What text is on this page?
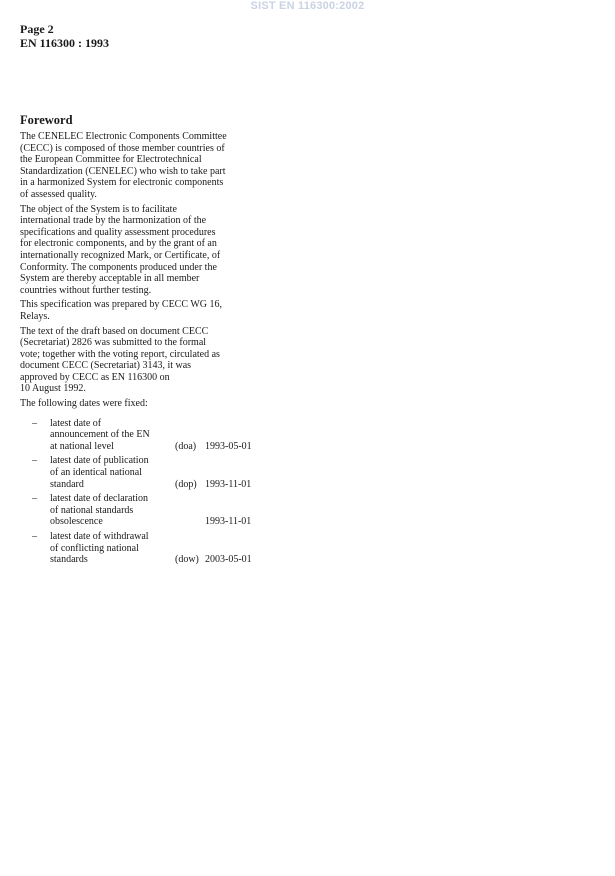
SIST EN 116300:2002
Page 2
EN 116300 : 1993
Foreword

The CENELEC Electronic Components Committee
(CECC) is composed of those member countries of
the European Committee for Electrotechnical
Standardization (CENELEC) who wish to take part
in a harmonized System for electronic components
of assessed quality.

The object of the System is to facilitate
international trade by the harmonization of the
specifications and quality assessment procedures
for electronic components, and by the grant of an
internationally recognized Mark, or Certificate, of
Conformity. The components produced under the
System are thereby acceptable in all member
countries without further testing.

This specification was prepared by CECC WG 16,
Relays.

The text of the draft based on document CECC
(Secretariat) 2826 was submitted to the formal
vote; together with the voting report, circulated as
document CECC (Secretariat) 3143, it was
approved by CECC as EN 116300 on
10 August 1992.

The following dates were fixed:

– latest date of
announcement of the EN
at national level	(doa) 1993-05-01
– latest date of publication
of an identical national
standard	(dop) 1993-11-01
– latest date of declaration
of national standards
obsolescence	1993-11-01
– latest date of withdrawal
of conflicting national
standards	(dow) 2003-05-01
